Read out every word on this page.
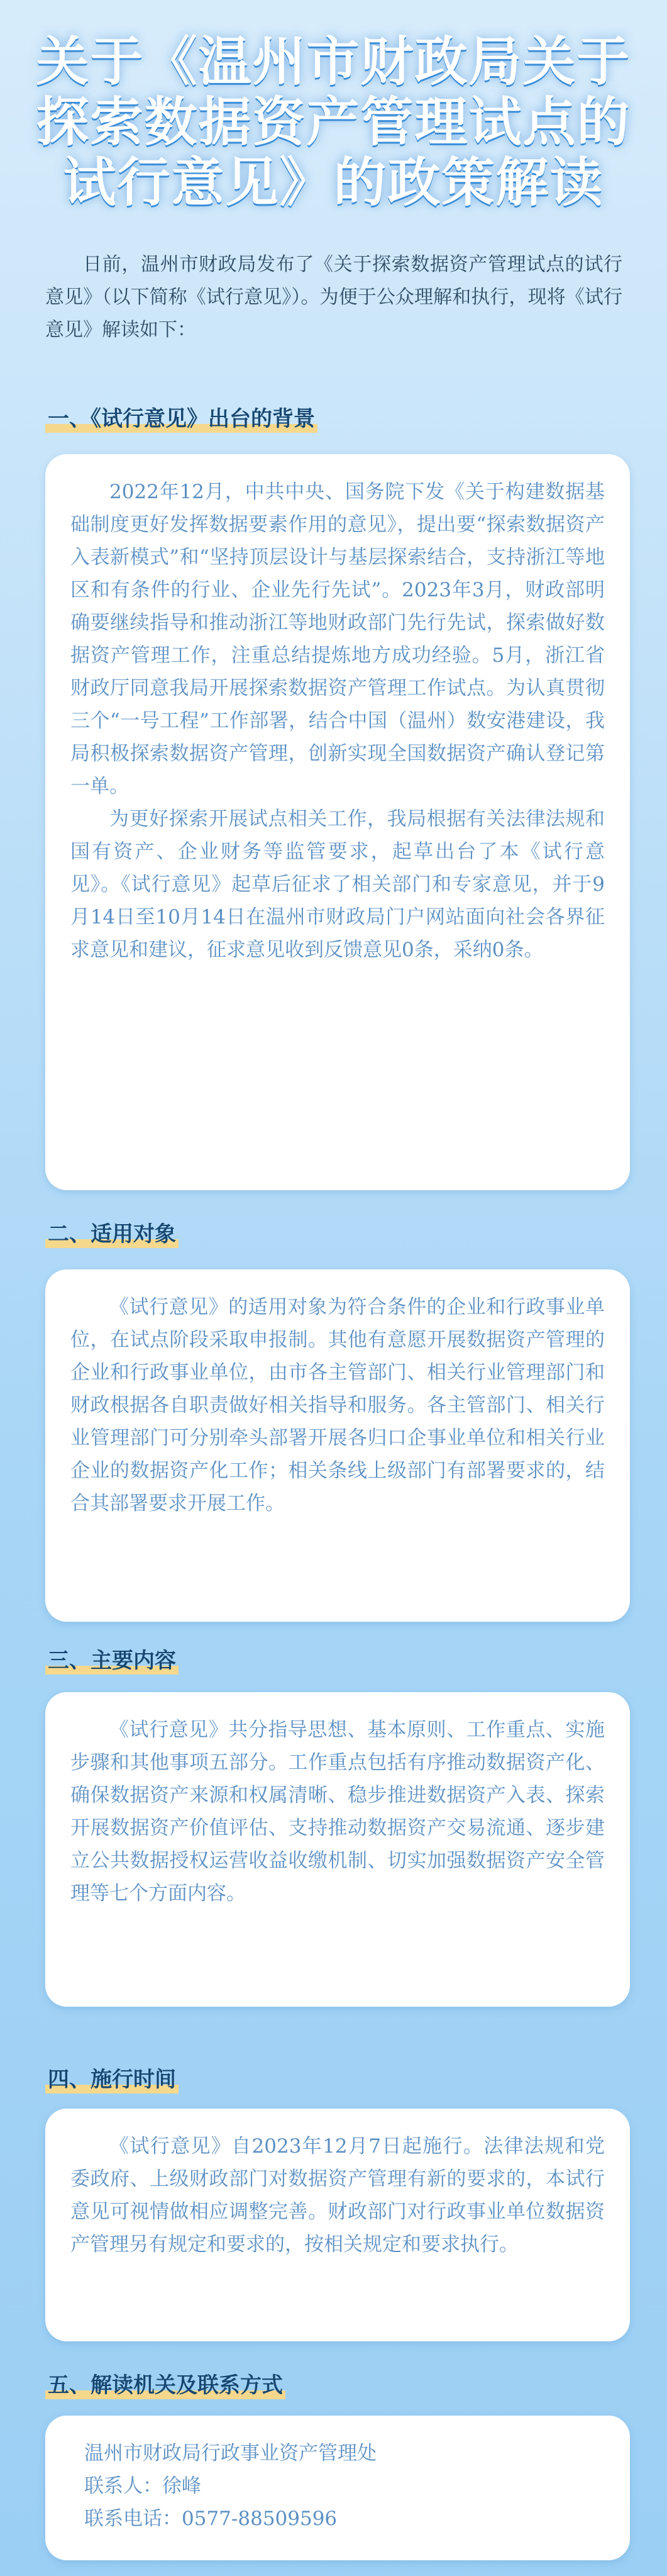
关于《温州市财政局关于
探索数据资产管理试点的
试行意见》的政策解读
日前，温州市财政局发布了《关于探索数据资产管理试点的试行意见》（以下简称《试行意见》）。为便于公众理解和执行，现将《试行意见》解读如下：
一、《试行意见》出台的背景

2022年12月，中共中央、国务院下发《关于构建数据基础制度更好发挥数据要素作用的意见》，提出要“探索数据资产入表新模式”和“坚持顶层设计与基层探索结合，支持浙江等地区和有条件的行业、企业先行先试”。2023年3月，财政部明确要继续指导和推动浙江等地财政部门先行先试，探索做好数据资产管理工作，注重总结提炼地方成功经验。5月，浙江省财政厅同意我局开展探索数据资产管理工作试点。为认真贯彻三个“一号工程”工作部署，结合中国（温州）数安港建设，我局积极探索数据资产管理，创新实现全国数据资产确认登记第一单。

为更好探索开展试点相关工作，我局根据有关法律法规和国有资产、企业财务等监管要求，起草出台了本《试行意见》。《试行意见》起草后征求了相关部门和专家意见，并于9月14日至10月14日在温州市财政局门户网站面向社会各界征求意见和建议，征求意见收到反馈意见0条，采纳0条。

二、适用对象

《试行意见》的适用对象为符合条件的企业和行政事业单位，在试点阶段采取申报制。其他有意愿开展数据资产管理的企业和行政事业单位，由市各主管部门、相关行业管理部门和财政根据各自职责做好相关指导和服务。各主管部门、相关行业管理部门可分别牵头部署开展各归口企事业单位和相关行业企业的数据资产化工作；相关条线上级部门有部署要求的，结合其部署要求开展工作。

三、主要内容

《试行意见》共分指导思想、基本原则、工作重点、实施步骤和其他事项五部分。工作重点包括有序推动数据资产化、确保数据资产来源和权属清晰、稳步推进数据资产入表、探索开展数据资产价值评估、支持推动数据资产交易流通、逐步建立公共数据授权运营收益收缴机制、切实加强数据资产安全管理等七个方面内容。

四、施行时间

《试行意见》自2023年12月7日起施行。法律法规和党委政府、上级财政部门对数据资产管理有新的要求的，本试行意见可视情做相应调整完善。财政部门对行政事业单位数据资产管理另有规定和要求的，按相关规定和要求执行。

五、解读机关及联系方式

温州市财政局行政事业资产管理处

联系人：徐峰

联系电话：0577-88509596
